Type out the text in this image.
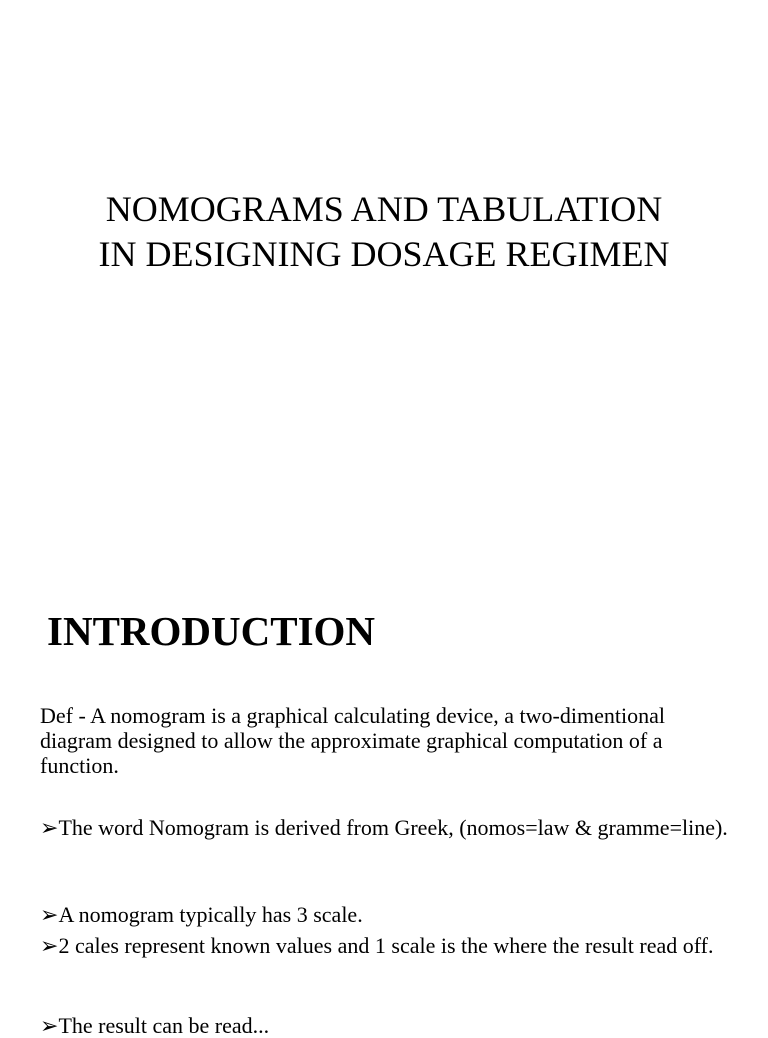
NOMOGRAMS AND TABULATION
IN DESIGNING DOSAGE REGIMEN
INTRODUCTION
Def - A nomogram is a graphical calculating device, a two-dimentional diagram designed to allow the approximate graphical computation of a function.
➢The word Nomogram is derived from Greek, (nomos=law & gramme=line).
➢A nomogram typically has 3 scale.
➢2 cales represent known values and 1 scale is the where the result read off.
➢The result can be read...
